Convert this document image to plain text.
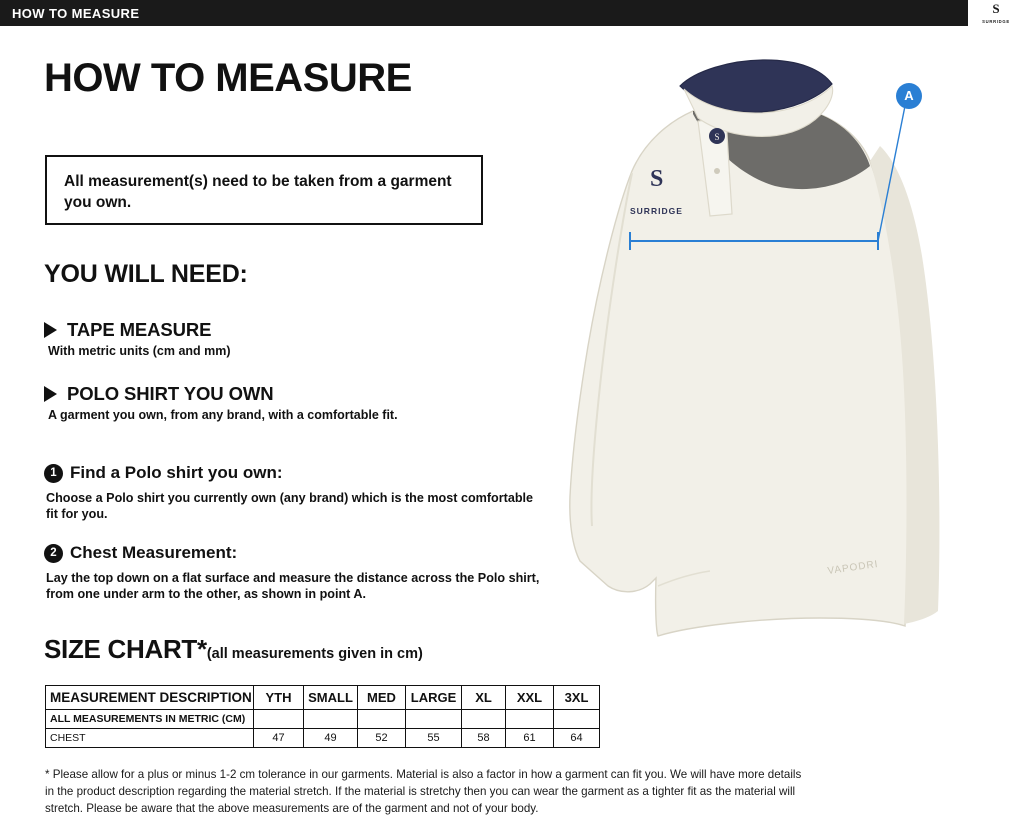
HOW TO MEASURE	S
SURRIDGE
HOW TO MEASURE
All measurement(s) need to be taken from a garment you own.
YOU WILL NEED:
TAPE MEASURE
With metric units (cm and mm)
POLO SHIRT YOU OWN
A garment you own, from any brand, with a comfortable fit.
1 Find a Polo shirt you own:
Choose a Polo shirt you currently own (any brand) which is the most comfortable fit for you.
2 Chest Measurement:
Lay the top down on a flat surface and measure the distance across the Polo shirt, from one under arm to the other, as shown in point A.
SIZE CHART*(all measurements given in cm)
MEASUREMENT DESCRIPTION	YTH	SMALL	MED	LARGE	XL	XXL	3XL
ALL MEASUREMENTS IN METRIC (CM)							
CHEST	47	49	52	55	58	61	64
* Please allow for a plus or minus 1-2 cm tolerance in our garments. Material is also a factor in how a garment can fit you. We will have more details in the product description regarding the material stretch. If the material is stretchy then you can wear the garment as a tighter fit as the material will stretch. Please be aware that the above measurements are of the garment and not of your body.
S
S
SURRIDGE
VAPODRI
A
